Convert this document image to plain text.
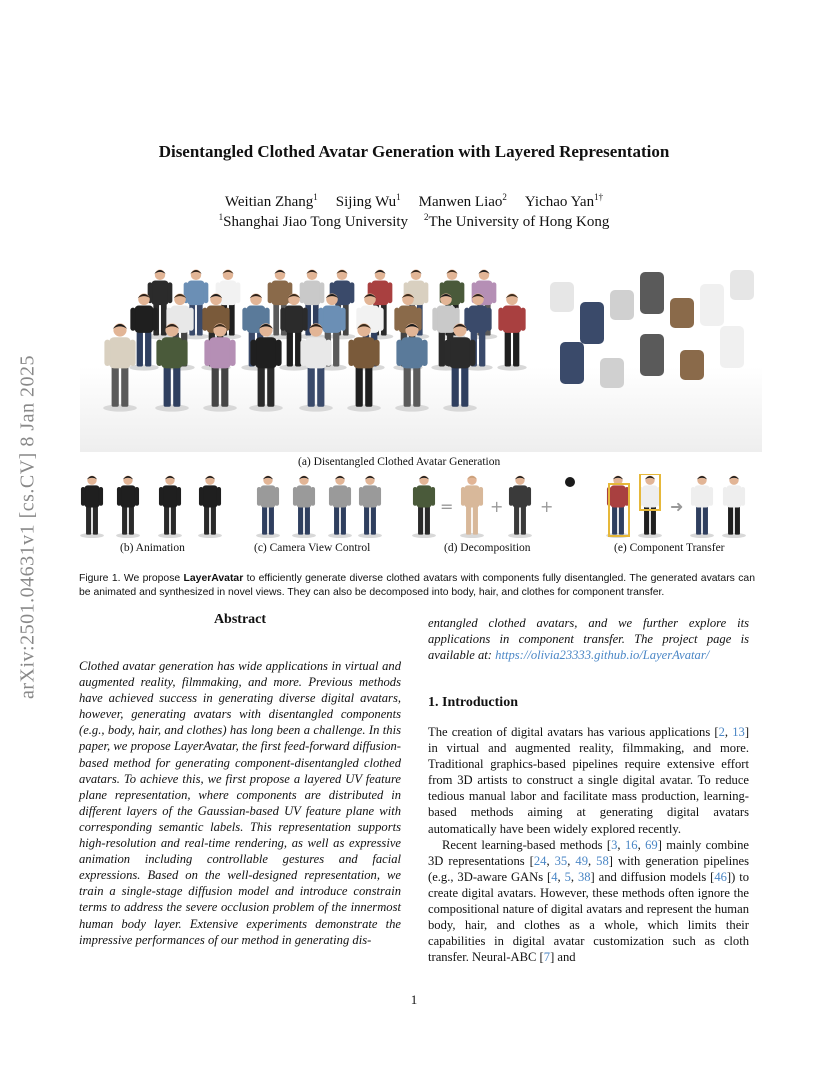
Disentangled Clothed Avatar Generation with Layered Representation
Weitian Zhang$^1$ Sijing Wu$^1$ Manwen Liao$^2$ Yichao Yan$^{1\dagger}$
$^1$Shanghai Jiao Tong University $^2$The University of Hong Kong
arXiv:2501.04631v1 [cs.CV] 8 Jan 2025	(a) Disentangled Clothed Avatar Generation
= + +	➜
(b) Animation	(c) Camera View Control	(d) Decomposition	(e) Component Transfer
Figure 1. We propose LayerAvatar to efficiently generate diverse clothed avatars with components fully disentangled. The generated avatars can be animated and synthesized in novel views. They can also be decomposed into body, hair, and clothes for component transfer.
Abstract

Clothed avatar generation has wide applications in virtual and augmented reality, filmmaking, and more. Previous methods have achieved success in generating diverse digital avatars, however, generating avatars with disentangled components (e.g., body, hair, and clothes) has long been a challenge. In this paper, we propose LayerAvatar, the first feed-forward diffusion-based method for generating component-disentangled clothed avatars. To achieve this, we first propose a layered UV feature plane representation, where components are distributed in different layers of the Gaussian-based UV feature plane with corresponding semantic labels. This representation supports high-resolution and real-time rendering, as well as expressive animation including controllable gestures and facial expressions. Based on the well-designed representation, we train a single-stage diffusion model and introduce constrain terms to address the severe occlusion problem of the innermost human body layer. Extensive experiments demonstrate the impressive performances of our method in generating dis-

entangled clothed avatars, and we further explore its applications in component transfer. The project page is available at: https://olivia23333.github.io/LayerAvatar/

1. Introduction

The creation of digital avatars has various applications [2, 13] in virtual and augmented reality, filmmaking, and more. Traditional graphics-based pipelines require extensive effort from 3D artists to construct a single digital avatar. To reduce tedious manual labor and facilitate mass production, learning-based methods aiming at generating digital avatars automatically have been widely explored recently.

Recent learning-based methods [3, 16, 69] mainly combine 3D representations [24, 35, 49, 58] with generation pipelines (e.g., 3D-aware GANs [4, 5, 38] and diffusion models [46]) to create digital avatars. However, these methods often ignore the compositional nature of digital avatars and represent the human body, hair, and clothes as a whole, which limits their capabilities in digital avatar customization such as cloth transfer. Neural-ABC [7] and

1
